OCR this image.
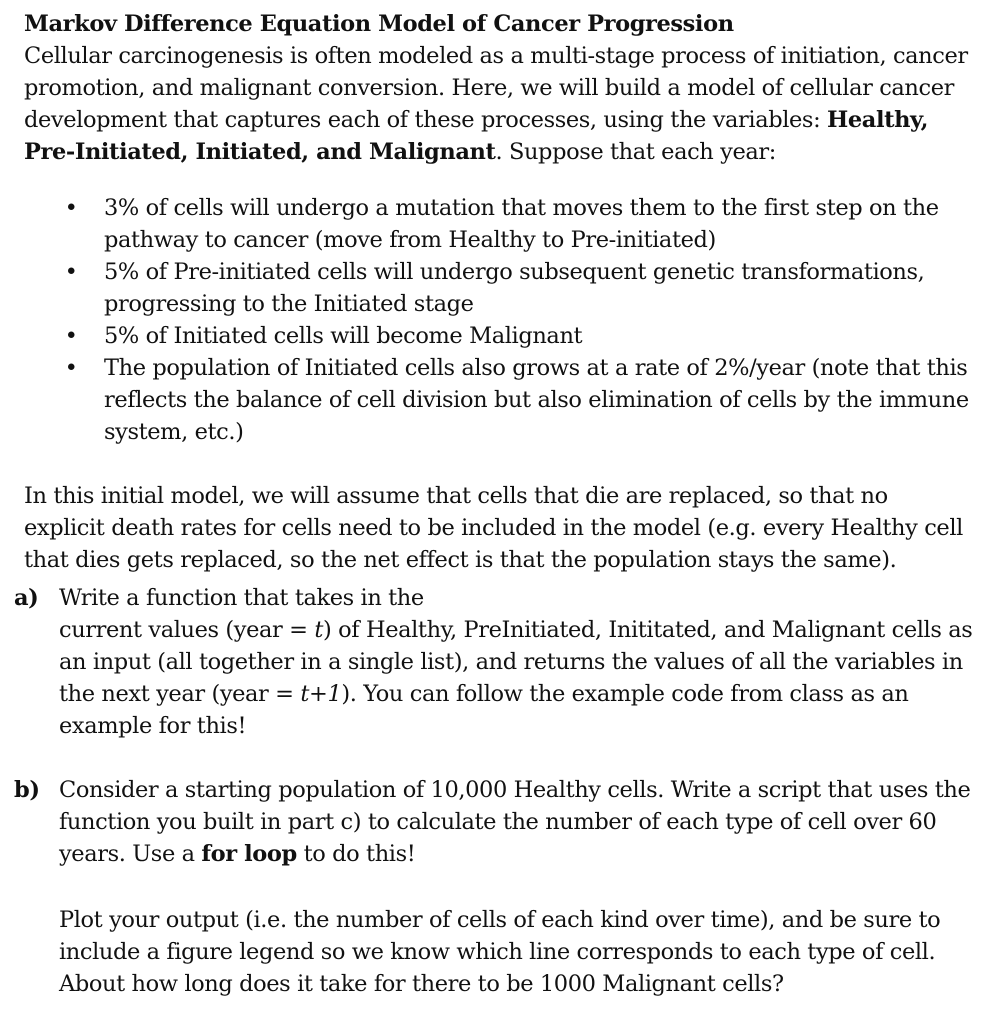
Markov Difference Equation Model of Cancer Progression

Cellular carcinogenesis is often modeled as a multi-stage process of initiation, cancer promotion, and malignant conversion. Here, we will build a model of cellular cancer development that captures each of these processes, using the variables: Healthy, Pre-Initiated, Initiated, and Malignant. Suppose that each year:

• 3% of cells will undergo a mutation that moves them to the first step on the pathway to cancer (move from Healthy to Pre-initiated)
• 5% of Pre-initiated cells will undergo subsequent genetic transformations, progressing to the Initiated stage
• 5% of Initiated cells will become Malignant
• The population of Initiated cells also grows at a rate of 2%/year (note that this reflects the balance of cell division but also elimination of cells by the immune system, etc.)

In this initial model, we will assume that cells that die are replaced, so that no explicit death rates for cells need to be included in the model (e.g. every Healthy cell that dies gets replaced, so the net effect is that the population stays the same).

a) Write a function that takes in the
current values (year = t) of Healthy, PreInitiated, Inititated, and Malignant cells as an input (all together in a single list), and returns the values of all the variables in the next year (year = t+1). You can follow the example code from class as an example for this!

b) Consider a starting population of 10,000 Healthy cells. Write a script that uses the function you built in part c) to calculate the number of each type of cell over 60 years. Use a for loop to do this!

Plot your output (i.e. the number of cells of each kind over time), and be sure to include a figure legend so we know which line corresponds to each type of cell. About how long does it take for there to be 1000 Malignant cells?
